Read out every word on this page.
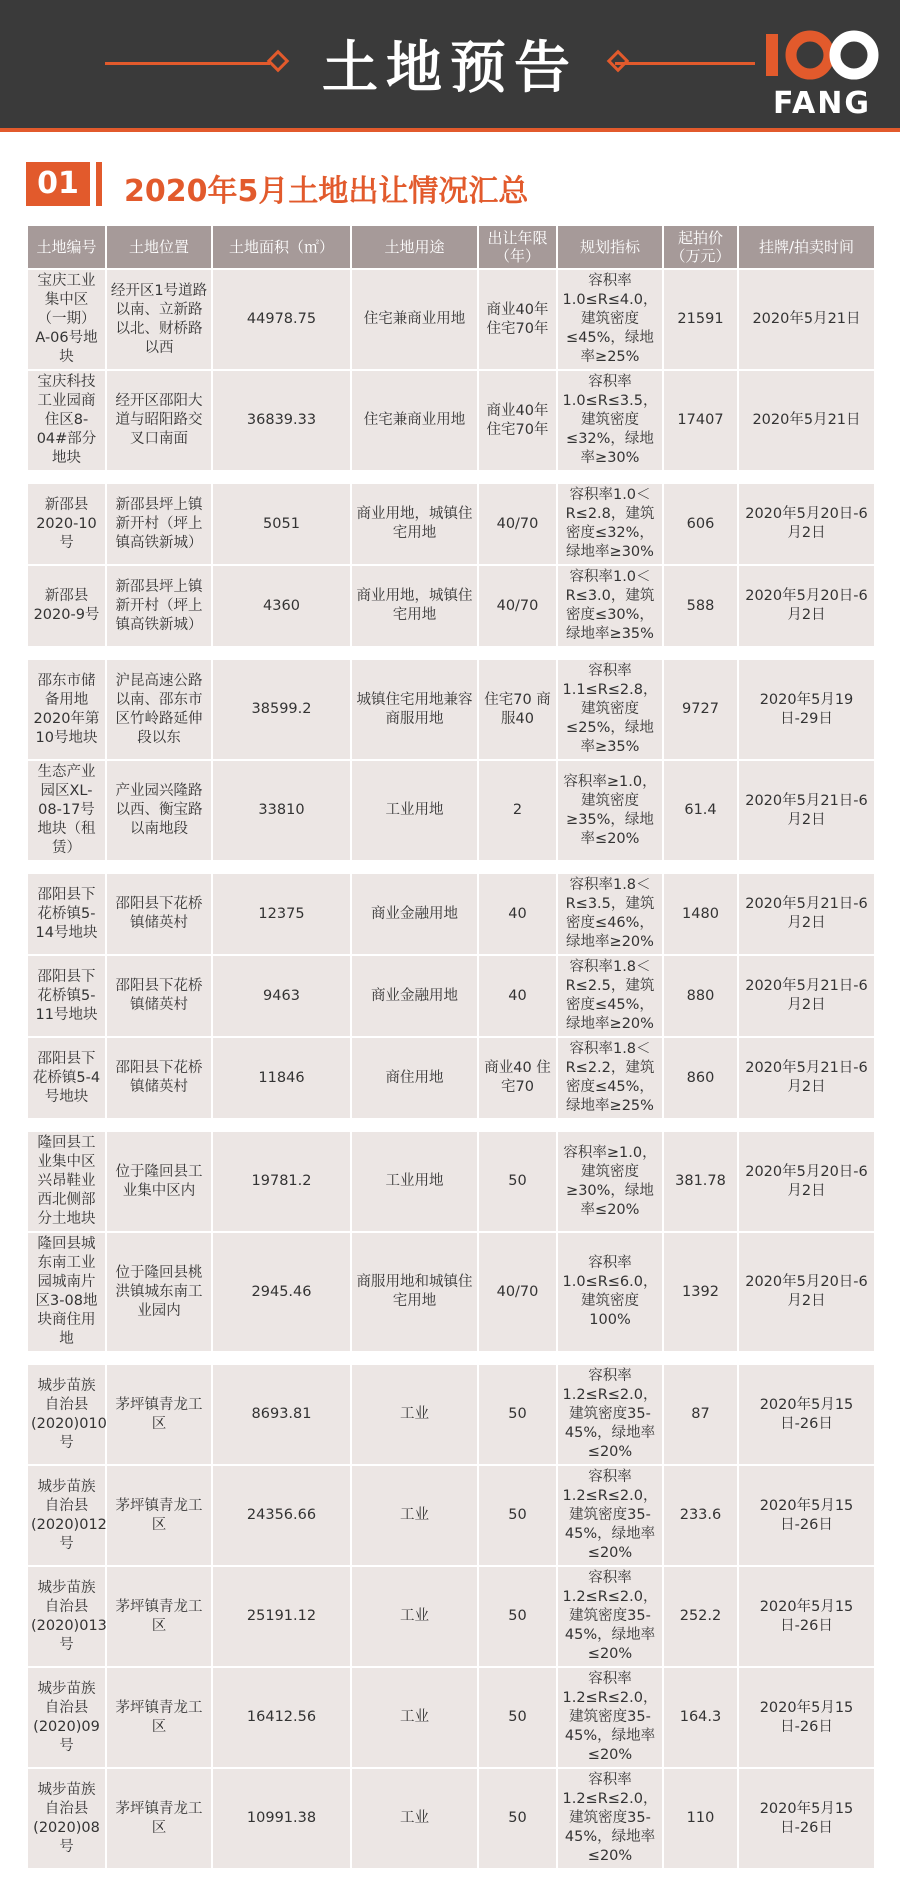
土地预告
FANG
01	2020年5月土地出让情况汇总
土地编号	土地位置	土地面积（㎡）	土地用途	出让年限（年）	规划指标	起拍价（万元）	挂牌/拍卖时间
宝庆工业集中区（一期）A-06号地块	经开区1号道路以南、立新路以北、财桥路以西	44978.75	住宅兼商业用地	商业40年 住宅70年	容积率1.0≤R≤4.0，建筑密度≤45%，绿地率≥25%	21591	2020年5月21日
宝庆科技工业园商住区8-04#部分地块	经开区邵阳大道与昭阳路交叉口南面	36839.33	住宅兼商业用地	商业40年 住宅70年	容积率1.0≤R≤3.5，建筑密度≤32%，绿地率≥30%	17407	2020年5月21日

新邵县2020-10号	新邵县坪上镇新开村（坪上镇高铁新城）	5051	商业用地，城镇住宅用地	40/70	容积率1.0＜R≤2.8，建筑密度≤32%，绿地率≥30%	606	2020年5月20日-6月2日
新邵县2020-9号	新邵县坪上镇新开村（坪上镇高铁新城）	4360	商业用地，城镇住宅用地	40/70	容积率1.0＜R≤3.0，建筑密度≤30%，绿地率≥35%	588	2020年5月20日-6月2日

邵东市储备用地2020年第10号地块	沪昆高速公路以南、邵东市区竹岭路延伸段以东	38599.2	城镇住宅用地兼容商服用地	住宅70 商服40	容积率1.1≤R≤2.8，建筑密度≤25%，绿地率≥35%	9727	2020年5月19日-29日
生态产业园区XL-08-17号地块（租赁）	产业园兴隆路以西、衡宝路以南地段	33810	工业用地	2	容积率≥1.0，建筑密度≥35%，绿地率≤20%	61.4	2020年5月21日-6月2日

邵阳县下花桥镇5-14号地块	邵阳县下花桥镇储英村	12375	商业金融用地	40	容积率1.8＜R≤3.5，建筑密度≤46%，绿地率≥20%	1480	2020年5月21日-6月2日
邵阳县下花桥镇5-11号地块	邵阳县下花桥镇储英村	9463	商业金融用地	40	容积率1.8＜R≤2.5，建筑密度≤45%，绿地率≥20%	880	2020年5月21日-6月2日
邵阳县下花桥镇5-4号地块	邵阳县下花桥镇储英村	11846	商住用地	商业40 住宅70	容积率1.8＜R≤2.2，建筑密度≤45%，绿地率≥25%	860	2020年5月21日-6月2日

隆回县工业集中区兴昂鞋业西北侧部分土地块	位于隆回县工业集中区内	19781.2	工业用地	50	容积率≥1.0，建筑密度≥30%，绿地率≤20%	381.78	2020年5月20日-6月2日
隆回县城东南工业园城南片区3-08地块商住用地	位于隆回县桃洪镇城东南工业园内	2945.46	商服用地和城镇住宅用地	40/70	容积率1.0≤R≤6.0，建筑密度100%	1392	2020年5月20日-6月2日

城步苗族自治县(2020)010号	茅坪镇青龙工区	8693.81	工业	50	容积率1.2≤R≤2.0，建筑密度35-45%，绿地率≤20%	87	2020年5月15日-26日
城步苗族自治县(2020)012号	茅坪镇青龙工区	24356.66	工业	50	容积率1.2≤R≤2.0，建筑密度35-45%，绿地率≤20%	233.6	2020年5月15日-26日
城步苗族自治县(2020)013号	茅坪镇青龙工区	25191.12	工业	50	容积率1.2≤R≤2.0，建筑密度35-45%，绿地率≤20%	252.2	2020年5月15日-26日
城步苗族自治县(2020)09号	茅坪镇青龙工区	16412.56	工业	50	容积率1.2≤R≤2.0，建筑密度35-45%，绿地率≤20%	164.3	2020年5月15日-26日
城步苗族自治县(2020)08号	茅坪镇青龙工区	10991.38	工业	50	容积率1.2≤R≤2.0，建筑密度35-45%，绿地率≤20%	110	2020年5月15日-26日
